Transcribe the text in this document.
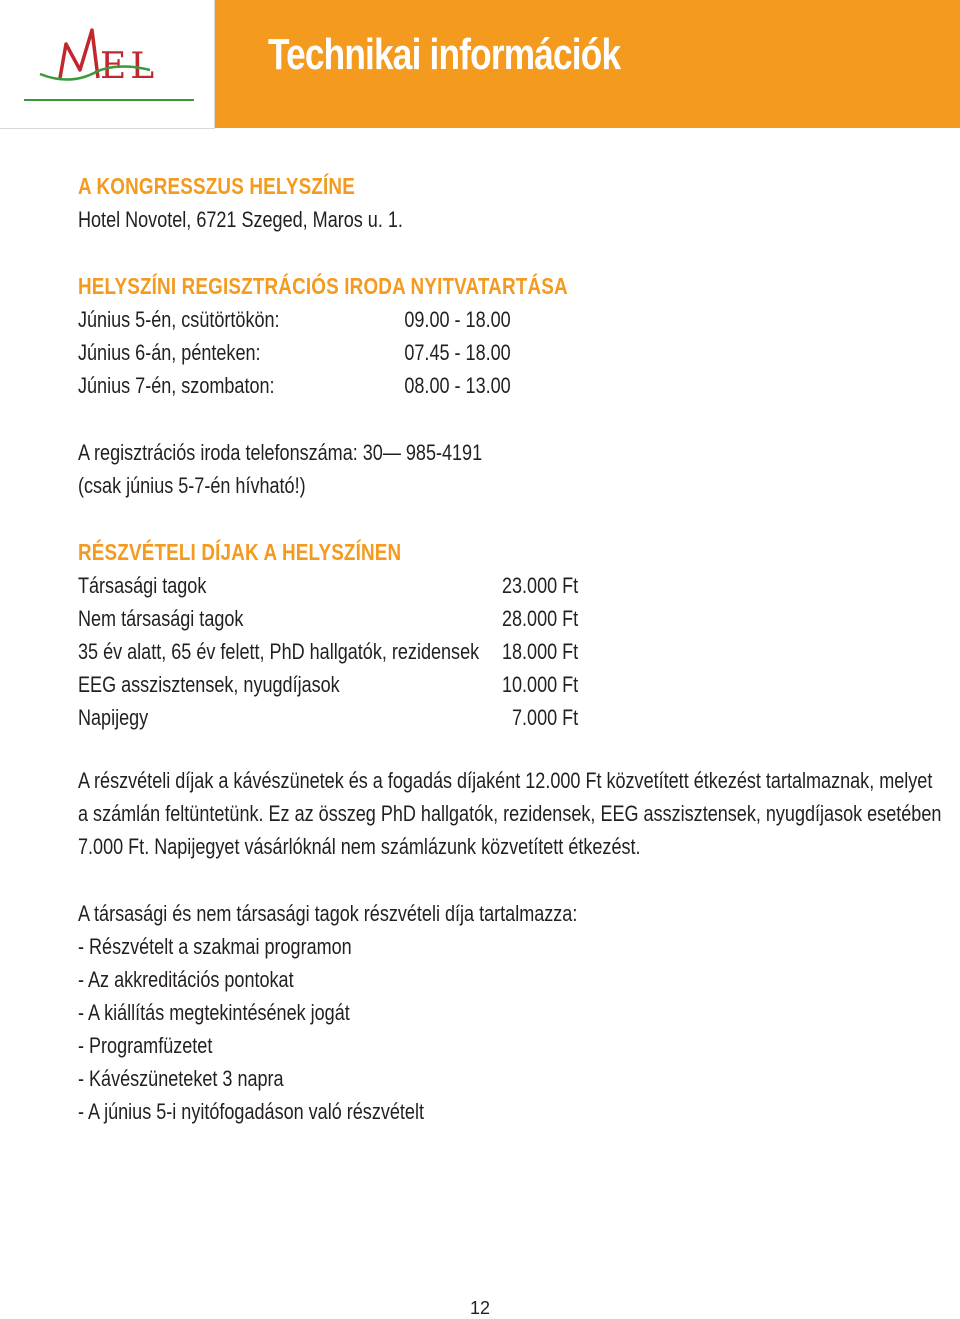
EL Technikai információk
A KONGRESSZUS HELYSZÍNE
Hotel Novotel, 6721 Szeged, Maros u. 1.
HELYSZÍNI REGISZTRÁCIÓS IRODA NYITVATARTÁSA
Június 5-én, csütörtökön:	09.00 - 18.00
Június 6-án, pénteken:	07.45 - 18.00
Június 7-én, szombaton:	08.00 - 13.00
A regisztrációs iroda telefonszáma: 30— 985-4191
(csak június 5-7-én hívható!)
RÉSZVÉTELI DÍJAK A HELYSZÍNEN
Társasági tagok	23.000 Ft
Nem társasági tagok	28.000 Ft
35 év alatt, 65 év felett, PhD hallgatók, rezidensek	18.000 Ft
EEG asszisztensek, nyugdíjasok	10.000 Ft
Napijegy	7.000 Ft
A részvételi díjak a kávészünetek és a fogadás díjaként 12.000 Ft közvetített étkezést tartalmaznak, melyet
a számlán feltüntetünk. Ez az összeg PhD hallgatók, rezidensek, EEG asszisztensek, nyugdíjasok esetében
7.000 Ft. Napijegyet vásárlóknál nem számlázunk közvetített étkezést.
A társasági és nem társasági tagok részvételi díja tartalmazza:
- Részvételt a szakmai programon
- Az akkreditációs pontokat
- A kiállítás megtekintésének jogát
- Programfüzetet
- Kávészüneteket 3 napra
- A június 5-i nyitófogadáson való részvételt
12
